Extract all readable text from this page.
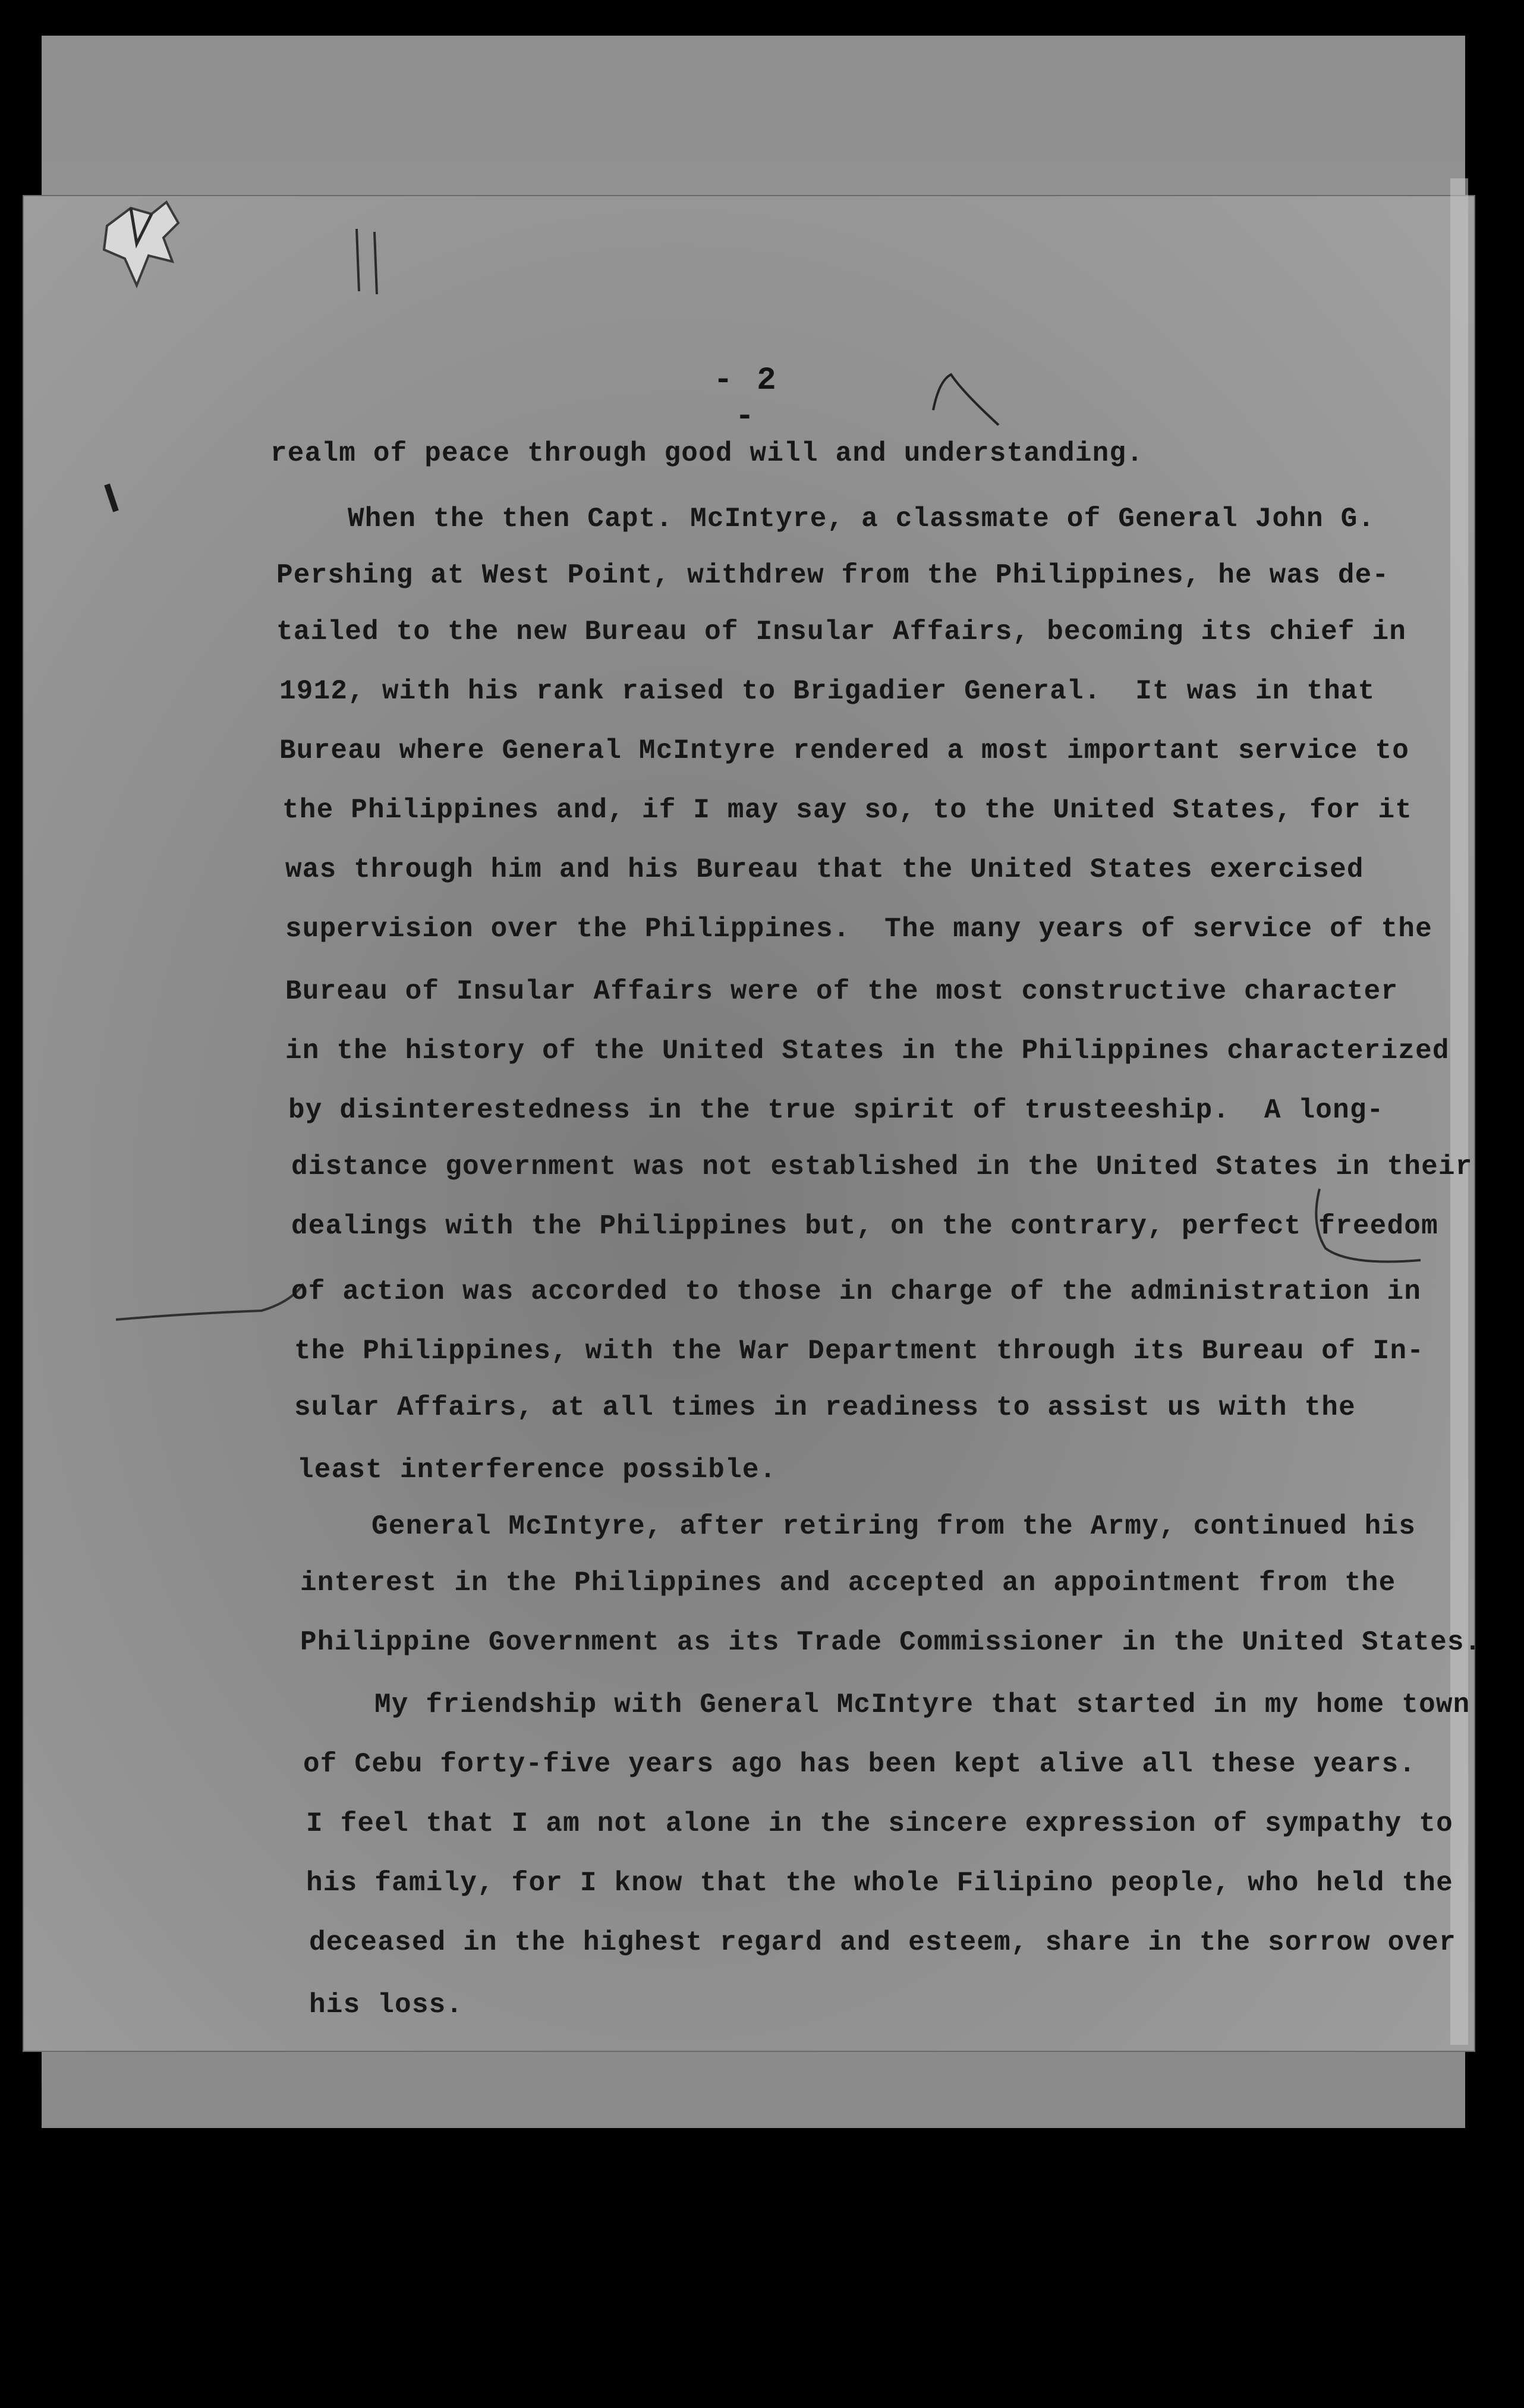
- 2 -
realm of peace through good will and understanding.
When the then Capt. McIntyre, a classmate of General John G.
Pershing at West Point, withdrew from the Philippines, he was de-
tailed to the new Bureau of Insular Affairs, becoming its chief in
1912, with his rank raised to Brigadier General.  It was in that
Bureau where General McIntyre rendered a most important service to
the Philippines and, if I may say so, to the United States, for it
was through him and his Bureau that the United States exercised
supervision over the Philippines.  The many years of service of the
Bureau of Insular Affairs were of the most constructive character
in the history of the United States in the Philippines characterized
by disinterestedness in the true spirit of trusteeship.  A long-
distance government was not established in the United States in their
dealings with the Philippines but, on the contrary, perfect freedom
of action was accorded to those in charge of the administration in
the Philippines, with the War Department through its Bureau of In-
sular Affairs, at all times in readiness to assist us with the
least interference possible.
General McIntyre, after retiring from the Army, continued his
interest in the Philippines and accepted an appointment from the
Philippine Government as its Trade Commissioner in the United States.
My friendship with General McIntyre that started in my home town
of Cebu forty-five years ago has been kept alive all these years.
I feel that I am not alone in the sincere expression of sympathy to
his family, for I know that the whole Filipino people, who held the
deceased in the highest regard and esteem, share in the sorrow over
his loss.
